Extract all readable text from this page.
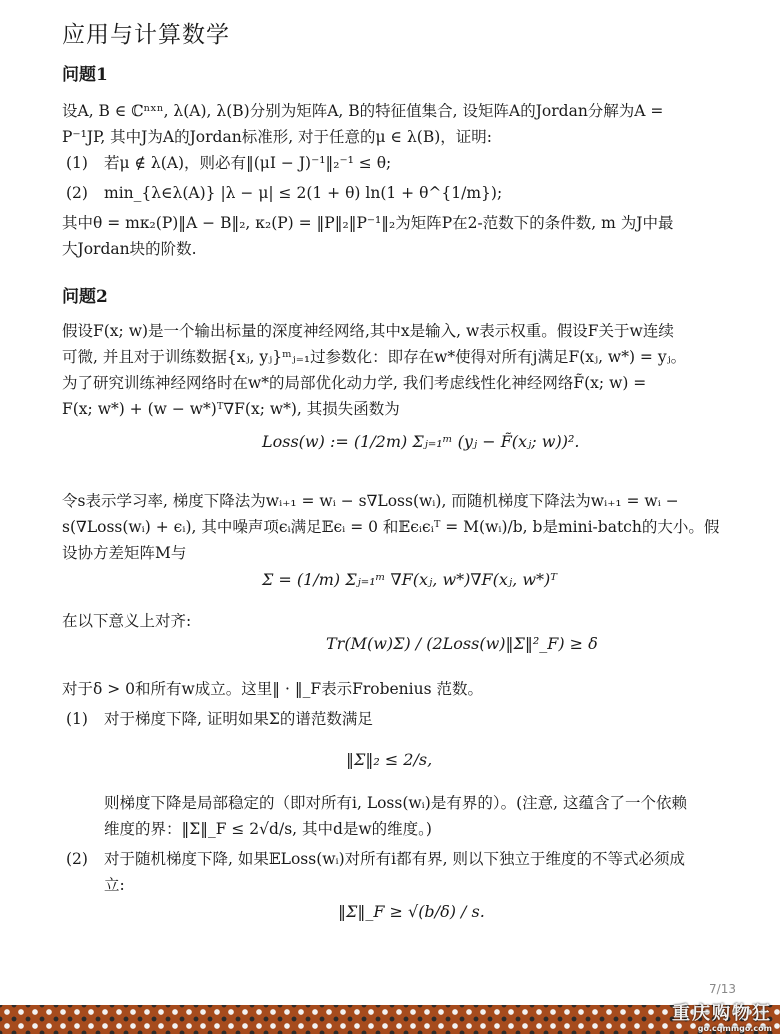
应用与计算数学
问题1
设A, B ∈ ℂⁿˣⁿ, λ(A), λ(B)分别为矩阵A, B的特征值集合, 设矩阵A的Jordan分解为A =
P⁻¹JP, 其中J为A的Jordan标准形, 对于任意的μ ∈ λ(B)，证明:
(1) 若μ ∉ λ(A)，则必有‖(μI − J)⁻¹‖₂⁻¹ ≤ θ;
(2) min_{λ∈λ(A)} |λ − μ| ≤ 2(1 + θ) ln(1 + θ^{1/m});
其中θ = mκ₂(P)‖A − B‖₂, κ₂(P) = ‖P‖₂‖P⁻¹‖₂为矩阵P在2-范数下的条件数, m 为J中最
大Jordan块的阶数.
问题2
假设F(x; w)是一个输出标量的深度神经网络,其中x是输入, w表示权重。假设F关于w连续
可微, 并且对于训练数据{xⱼ, yⱼ}ᵐⱼ₌₁过参数化：即存在w*使得对所有j满足F(xⱼ, w*) = yⱼ。
为了研究训练神经网络时在w*的局部优化动力学, 我们考虑线性化神经网络F̃(x; w) =
F(x; w*) + (w − w*)ᵀ∇F(x; w*), 其损失函数为
Loss(w) := (1/2m) Σⱼ₌₁ᵐ (yⱼ − F̃(xⱼ; w))².
令s表示学习率, 梯度下降法为wᵢ₊₁ = wᵢ − s∇Loss(wᵢ), 而随机梯度下降法为wᵢ₊₁ = wᵢ −
s(∇Loss(wᵢ) + ϵᵢ), 其中噪声项ϵᵢ满足𝔼ϵᵢ = 0 和𝔼ϵᵢϵᵢᵀ = M(wᵢ)/b, b是mini-batch的大小。假
设协方差矩阵M与
Σ = (1/m) Σⱼ₌₁ᵐ ∇F(xⱼ, w*)∇F(xⱼ, w*)ᵀ
在以下意义上对齐:
Tr(M(w)Σ) / (2Loss(w)‖Σ‖²_F) ≥ δ
对于δ > 0和所有w成立。这里‖ · ‖_F表示Frobenius 范数。
(1) 对于梯度下降, 证明如果Σ的谱范数满足
‖Σ‖₂ ≤ 2/s,
则梯度下降是局部稳定的（即对所有i, Loss(wᵢ)是有界的）。(注意, 这蕴含了一个依赖
维度的界：‖Σ‖_F ≤ 2√d/s, 其中d是w的维度。)
(2) 对于随机梯度下降, 如果𝔼Loss(wᵢ)对所有i都有界, 则以下独立于维度的不等式必须成
立:
‖Σ‖_F ≥ √(b/δ) / s.
7/13
重庆购物狂
go.cqmmgo.com
